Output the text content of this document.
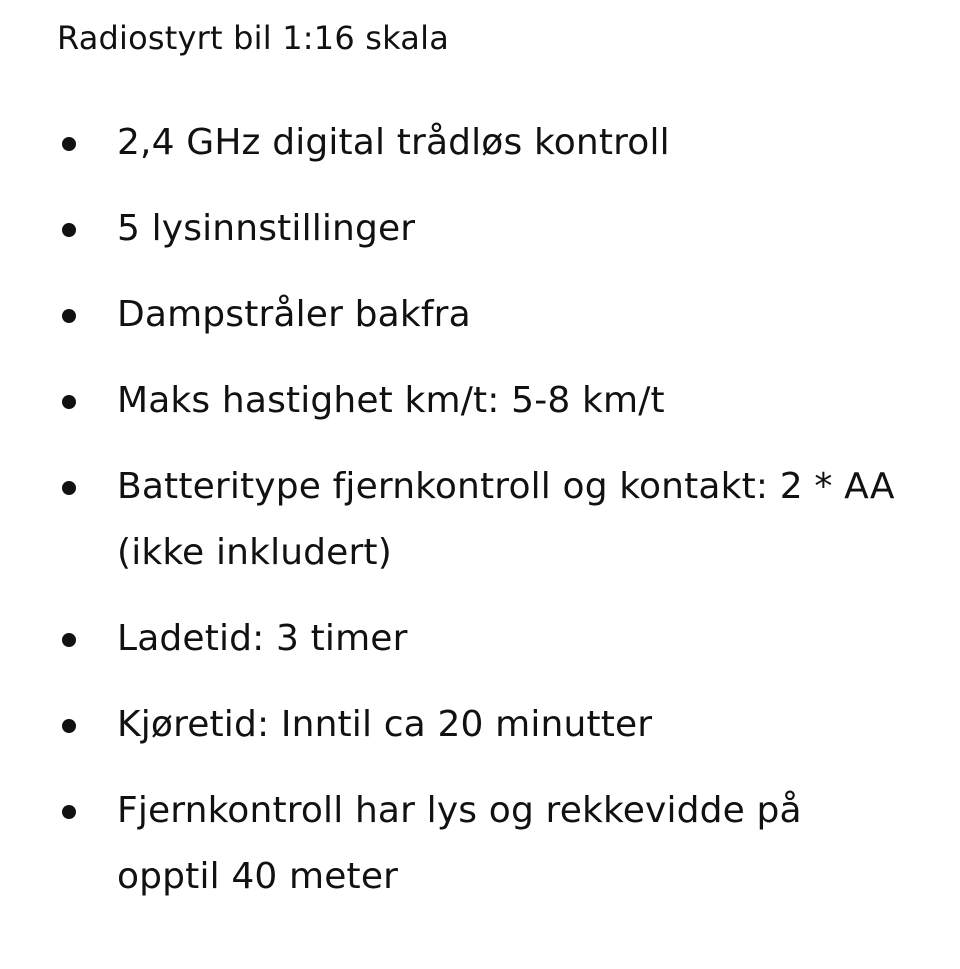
Radiostyrt bil 1:16 skala
2,4 GHz digital trådløs kontroll
5 lysinnstillinger
Dampstråler bakfra
Maks hastighet km/t: 5-8 km/t
Batteritype fjernkontroll og kontakt: 2 * AA (ikke inkludert)
Ladetid: 3 timer
Kjøretid: Inntil ca 20 minutter
Fjernkontroll har lys og rekkevidde på opptil 40 meter
